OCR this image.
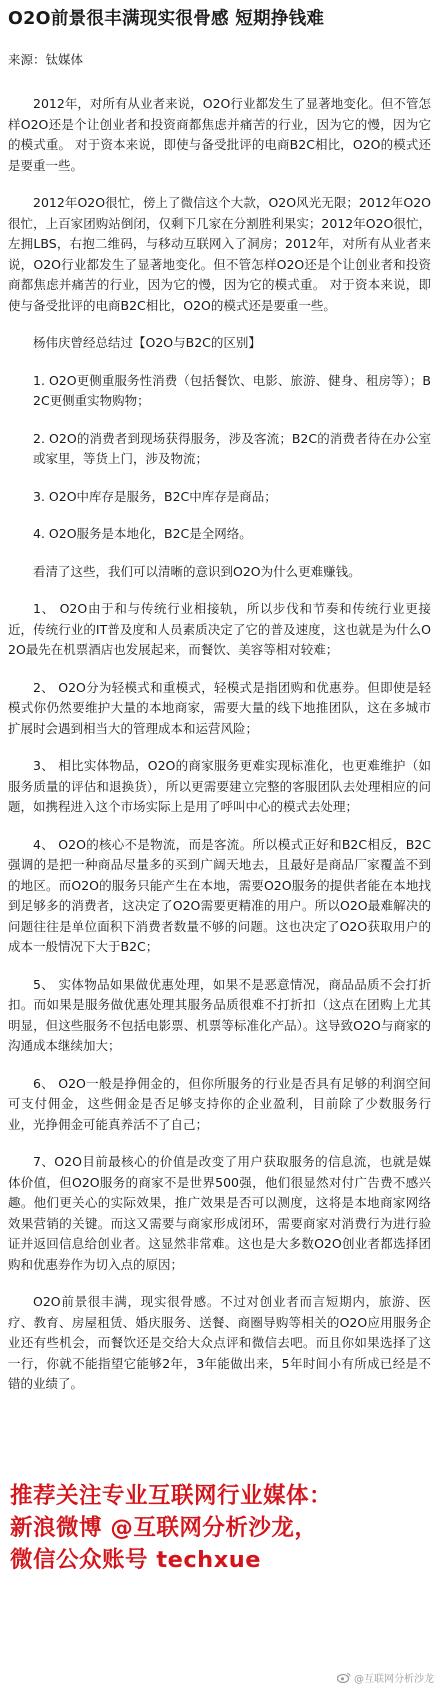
O2O前景很丰满现实很骨感 短期挣钱难
来源：钛媒体

2012年，对所有从业者来说，O2O行业都发生了显著地变化。但不管怎样O2O还是个让创业者和投资商都焦虑并痛苦的行业，因为它的慢，因为它的模式重。 对于资本来说，即使与备受批评的电商B2C相比，O2O的模式还是要重一些。

2012年O2O很忙，傍上了微信这个大款，O2O风光无限；2012年O2O很忙，上百家团购站倒闭，仅剩下几家在分割胜利果实；2012年O2O很忙，左拥LBS，右抱二维码，与移动互联网入了洞房；2012年，对所有从业者来说，O2O行业都发生了显著地变化。但不管怎样O2O还是个让创业者和投资商都焦虑并痛苦的行业，因为它的慢，因为它的模式重。 对于资本来说，即使与备受批评的电商B2C相比，O2O的模式还是要重一些。

杨伟庆曾经总结过【O2O与B2C的区别】

1. O2O更侧重服务性消费（包括餐饮、电影、旅游、健身、租房等）；B2C更侧重实物购物；

2. O2O的消费者到现场获得服务，涉及客流；B2C的消费者待在办公室或家里，等货上门，涉及物流；

3. O2O中库存是服务，B2C中库存是商品；

4. O2O服务是本地化，B2C是全网络。

看清了这些，我们可以清晰的意识到O2O为什么更难赚钱。

1、 O2O由于和与传统行业相接轨，所以步伐和节奏和传统行业更接近，传统行业的IT普及度和人员素质决定了它的普及速度，这也就是为什么O2O最先在机票酒店也发展起来，而餐饮、美容等相对较难；

2、 O2O分为轻模式和重模式，轻模式是指团购和优惠券。但即使是轻模式你仍然要维护大量的本地商家，需要大量的线下地推团队，这在多城市扩展时会遇到相当大的管理成本和运营风险；

3、 相比实体物品，O2O的商家服务更难实现标准化，也更难维护（如服务质量的评估和退换货），所以更需要建立完整的客服团队去处理相应的问题，如携程进入这个市场实际上是用了呼叫中心的模式去处理；

4、 O2O的核心不是物流，而是客流。所以模式正好和B2C相反，B2C强调的是把一种商品尽量多的买到广阔天地去，且最好是商品厂家覆盖不到的地区。而O2O的服务只能产生在本地，需要O2O服务的提供者能在本地找到足够多的消费者，这决定了O2O需要更精准的用户。所以O2O最难解决的问题往往是单位面积下消费者数量不够的问题。这也决定了O2O获取用户的成本一般情况下大于B2C；

5、 实体物品如果做优惠处理，如果不是恶意情况，商品品质不会打折扣。而如果是服务做优惠处理其服务品质很难不打折扣（这点在团购上尤其明显，但这些服务不包括电影票、机票等标准化产品）。这导致O2O与商家的沟通成本继续加大；

6、 O2O一般是挣佣金的，但你所服务的行业是否具有足够的利润空间可支付佣金，这些佣金是否足够支持你的企业盈利，目前除了少数服务行业，光挣佣金可能真养活不了自己；

7、O2O目前最核心的价值是改变了用户获取服务的信息流，也就是媒体价值，但O2O服务的商家不是世界500强，他们很显然对付广告费不感兴趣。他们更关心的实际效果，推广效果是否可以测度，这将是本地商家网络效果营销的关键。而这又需要与商家形成闭环，需要商家对消费行为进行验证并返回信息给创业者。这显然非常难。这也是大多数O2O创业者都选择团购和优惠券作为切入点的原因；

O2O前景很丰满，现实很骨感。不过对创业者而言短期内，旅游、医疗、教育、房屋租赁、婚庆服务、送餐、商圈导购等相关的O2O应用服务企业还有些机会，而餐饮还是交给大众点评和微信去吧。而且你如果选择了这一行，你就不能指望它能够2年，3年能做出来，5年时间小有所成已经是不错的业绩了。

推荐关注专业互联网行业媒体：
新浪微博 @互联网分析沙龙，
微信公众账号 techxue
@互联网分析沙龙
